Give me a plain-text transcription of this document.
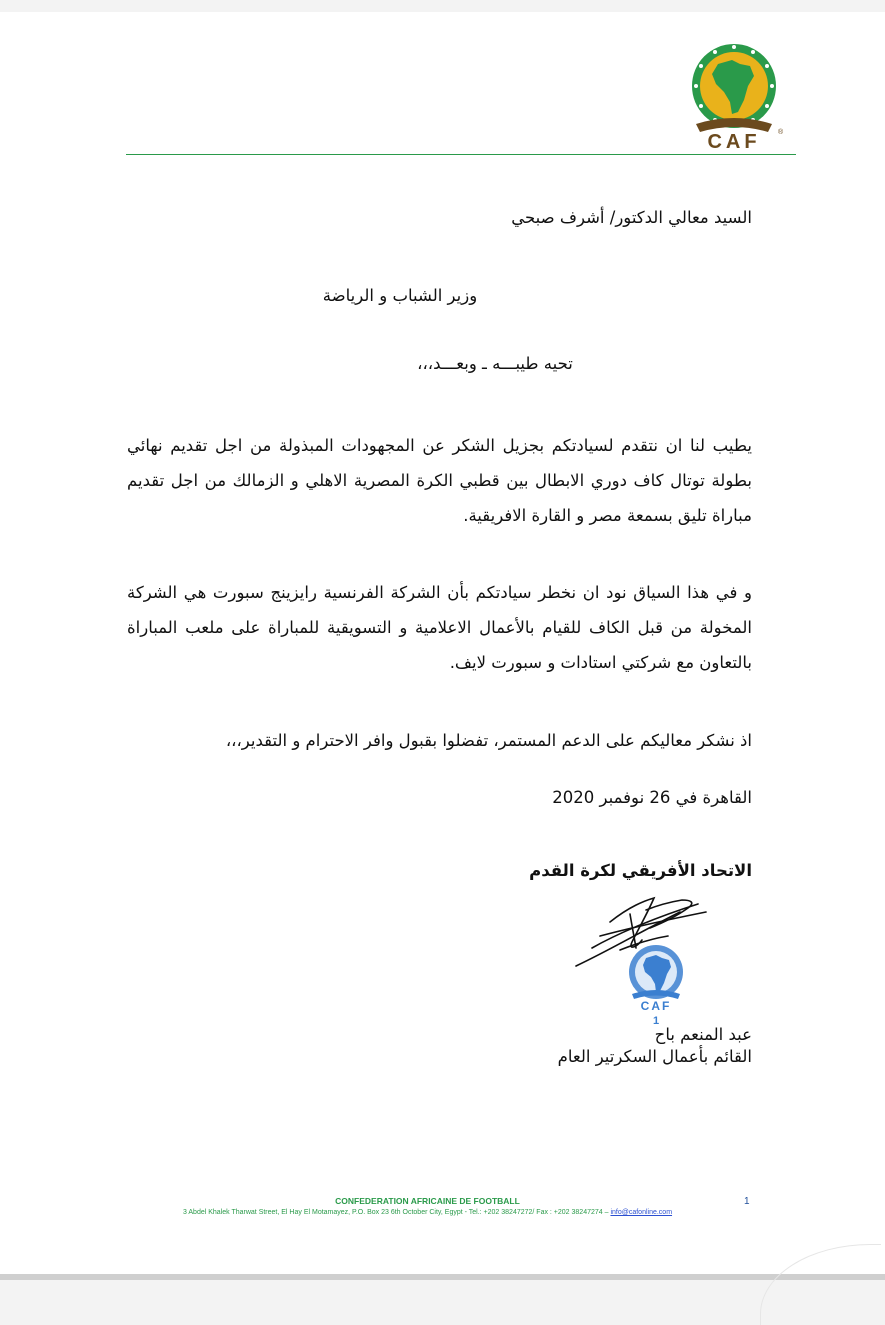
CAF ®

السيد معالي الدكتور/ أشرف صبحي

وزير الشباب و الرياضة

تحيه طيبـــه ـ وبعـــد،،،

يطيب لنا ان نتقدم لسيادتكم بجزيل الشكر عن المجهودات المبذولة من اجل تقديم نهائي بطولة توتال كاف دوري الابطال بين قطبي الكرة المصرية الاهلي و الزمالك من اجل تقديم مباراة تليق بسمعة مصر و القارة الافريقية.

و في هذا السياق نود ان نخطر سيادتكم بأن الشركة الفرنسية رايزينج سبورت هي الشركة المخولة من قبل الكاف للقيام بالأعمال الاعلامية و التسويقية للمباراة على ملعب المباراة بالتعاون مع شركتي استادات و سبورت لايف.

اذ نشكر معاليكم على الدعم المستمر، تفضلوا بقبول وافر الاحترام و التقدير،،،

القاهرة في 26 نوفمبر 2020

الاتحاد الأفريقي لكرة القدم

CAF
1

عبد المنعم باح

القائم بأعمال السكرتير العام

CONFEDERATION AFRICAINE DE FOOTBALL
3 Abdel Khalek Tharwat Street, El Hay El Motamayez, P.O. Box 23 6th October City, Egypt - Tel.: +202 38247272/ Fax : +202 38247274 – info@cafonline.com
1
